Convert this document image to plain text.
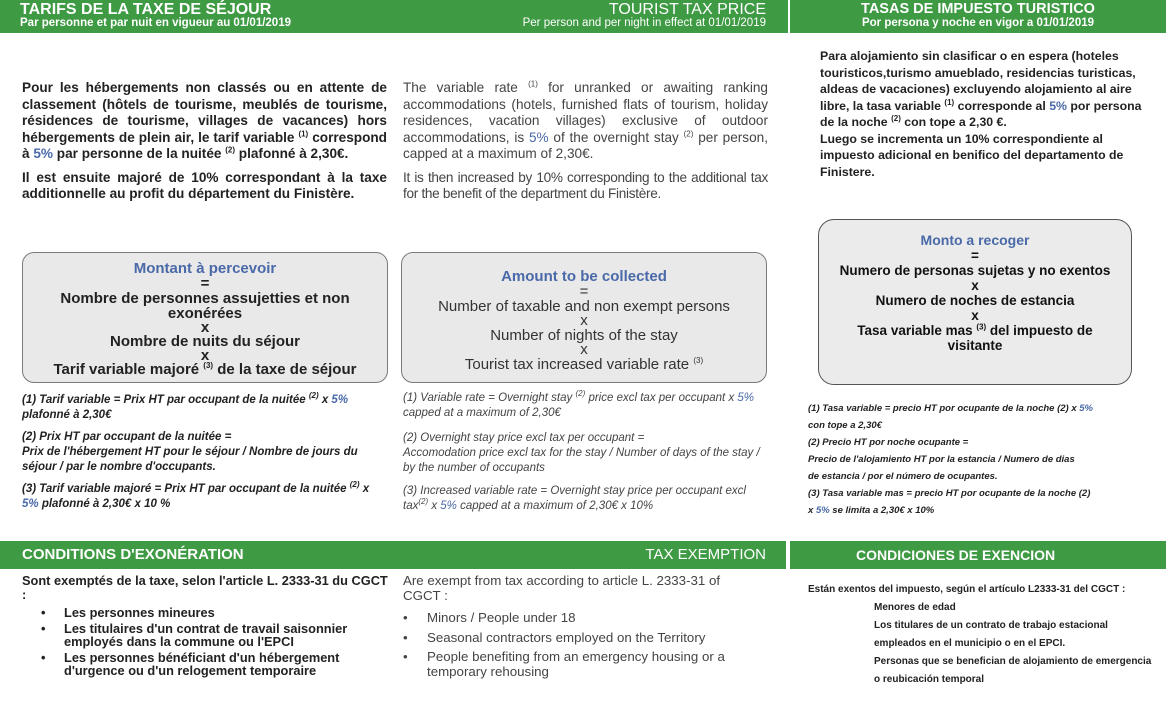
TARIFS DE LA TAXE DE SÉJOUR
Par personne et par nuit en vigueur au 01/01/2019
TOURIST TAX PRICE
Per person and per night in effect at 01/01/2019
TASAS DE IMPUESTO TURISTICO
Por persona y noche en vigor a 01/01/2019

Pour les hébergements non classés ou en attente de classement (hôtels de tourisme, meublés de tourisme, résidences de tourisme, villages de vacances) hors hébergements de plein air, le tarif variable $^{(1)}$ correspond à 5% par personne de la nuitée $^{(2)}$ plafonné à 2,30€.

Il est ensuite majoré de 10% correspondant à la taxe additionnelle au profit du département du Finistère.

Montant à percevoir
=
Nombre de personnes assujetties et non exonérées
x
Nombre de nuits du séjour
x
Tarif variable majoré $^{(3)}$ de la taxe de séjour

(1) Tarif variable = Prix HT par occupant de la nuitée $^{(2)}$ x 5%
plafonné à 2,30€

(2) Prix HT par occupant de la nuitée =
Prix de l'hébergement HT pour le séjour / Nombre de jours du séjour / par le nombre d'occupants.

(3) Tarif variable majoré = Prix HT par occupant de la nuitée $^{(2)}$ x
5% plafonné à 2,30€ x 10 %

The variable rate $^{(1)}$ for unranked or awaiting ranking accommodations (hotels, furnished flats of tourism, holiday residences, vacation villages) exclusive of outdoor accommodations, is 5% of the overnight stay $^{(2)}$ per person, capped at a maximum of 2,30€.

It is then increased by 10% corresponding to the additional tax for the benefit of the department du Finistère.

Amount to be collected
=
Number of taxable and non exempt persons
x
Number of nights of the stay
x
Tourist tax increased variable rate $^{(3)}$

(1) Variable rate = Overnight stay $^{(2)}$ price excl tax per occupant x 5%
capped at a maximum of 2,30€

(2) Overnight stay price excl tax per occupant =
Accomodation price excl tax for the stay / Number of days of the stay / by the number of occupants

(3) Increased variable rate = Overnight stay price per occupant excl tax$^{(2)}$ x 5% capped at a maximum of 2,30€ x 10%

Para alojamiento sin clasificar o en espera (hoteles touristicos,turismo amueblado, residencias turisticas, aldeas de vacaciones) excluyendo alojamiento al aire libre, la tasa variable $^{(1)}$ corresponde al 5% por persona de la noche $^{(2)}$ con tope a 2,30 €.

Luego se incrementa un 10% correspondiente al impuesto adicional en benifico del departamento de Finistere.

Monto a recoger
=
Numero de personas sujetas y no exentos
x
Numero de noches de estancia
x
Tasa variable mas $^{(3)}$ del impuesto de visitante

(1) Tasa variable = precio HT por ocupante de la noche (2) x 5%
con tope a 2,30€

(2) Precio HT por noche ocupante =
Precio de l'alojamiento HT por la estancia / Numero de dias
de estancia / por el número de ocupantes.

(3) Tasa variable mas = precio HT por ocupante de la noche (2)
x 5% se limita a 2,30€ x 10%

CONDITIONS D'EXONÉRATION	TAX EXEMPTION	CONDICIONES DE EXENCION
Sont exemptés de la taxe, selon l'article L. 2333-31 du CGCT :
• Les personnes mineures
• Les titulaires d'un contrat de travail saisonnier employés dans la commune ou l'EPCI
• Les personnes bénéficiant d'un hébergement d'urgence ou d'un relogement temporaire
Are exempt from tax according to article L. 2333-31 of CGCT :
• Minors / People under 18
• Seasonal contractors employed on the Territory
• People benefiting from an emergency housing or a temporary rehousing
Están exentos del impuesto, según el artículo L2333-31 del CGCT :
Menores de edad
Los titulares de un contrato de trabajo estacional empleados en el municipio o en el EPCI.
Personas que se benefician de alojamiento de emergencia o reubicación temporal
